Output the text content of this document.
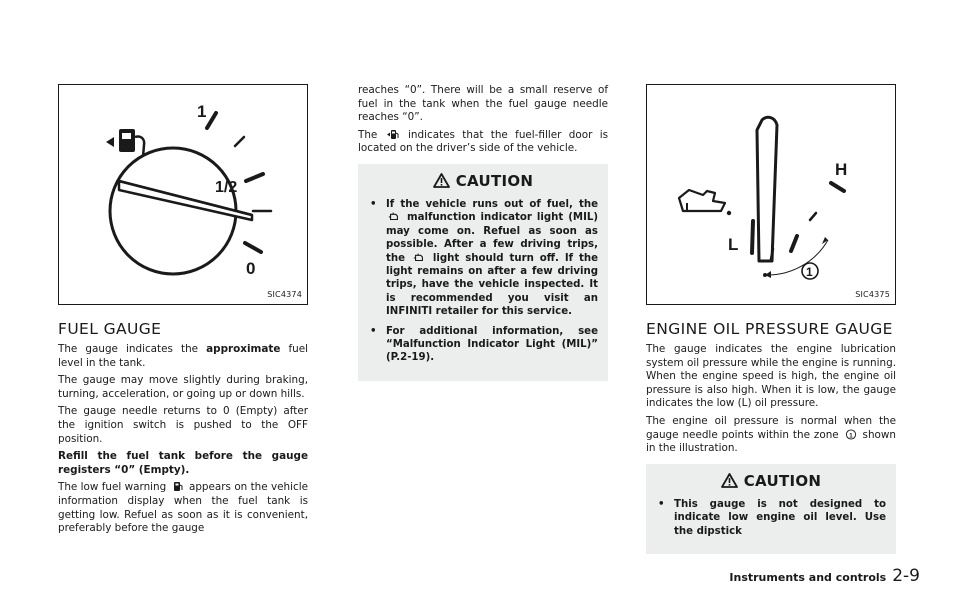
1
1/2
0
SIC4374
FUEL GAUGE

The gauge indicates the approximate fuel level in the tank.

The gauge may move slightly during braking, turning, acceleration, or going up or down hills.

The gauge needle returns to 0 (Empty) after the ignition switch is pushed to the OFF position.

Refill the fuel tank before the gauge registers “0” (Empty).

The low fuel warning appears on the vehicle information display when the fuel tank is getting low. Refuel as soon as it is convenient, preferably before the gauge

reaches “0”. There will be a small reserve of fuel in the tank when the fuel gauge needle reaches “0”.

The	indicates that the fuel-filler door is located on the driver’s side of the vehicle.

CAUTION
• If the vehicle runs out of fuel, the  malfunction indicator light (MIL) may come on. Refuel as soon as possible. After a few driving trips, the	light should turn off. If the light remains on after a few driving trips, have the vehicle inspected. It is recommended you visit an INFINITI retailer for this service.
• For additional information, see “Malfunction Indicator Light (MIL)” (P.2-19).
H
L
1
SIC4375
ENGINE OIL PRESSURE GAUGE

The gauge indicates the engine lubrication system oil pressure while the engine is running. When the engine speed is high, the engine oil pressure is also high. When it is low, the gauge indicates the low (L) oil pressure.

The engine oil pressure is normal when the gauge needle points within the zone 1 shown in the illustration.

CAUTION
• This gauge is not designed to indicate low engine oil level. Use the dipstick
Instruments and controls 2-9
